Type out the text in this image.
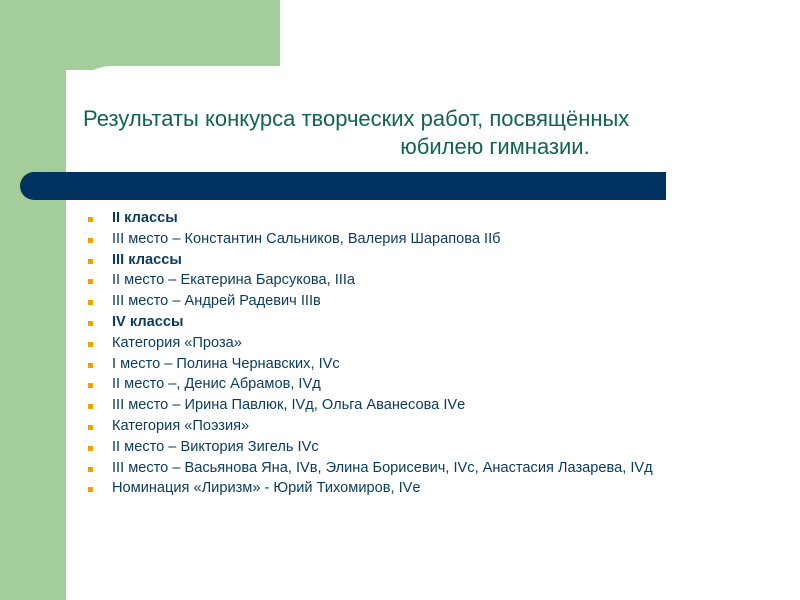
Результаты конкурса творческих работ, посвящённых
юбилею гимназии.
II классы
III место – Константин Сальников, Валерия Шарапова IIб
III классы
II место – Екатерина Барсукова, IIIа
III место – Андрей Радевич IIIв
IV классы
Категория «Проза»
I место – Полина Чернавских, IVс
II место –, Денис Абрамов, IVд
III место – Ирина Павлюк, IVд, Ольга Аванесова IVе
Категория «Поэзия»
II место – Виктория Зигель IVс
III место – Васьянова Яна, IVв, Элина Борисевич, IVс, Анастасия Лазарева, IVд
Номинация «Лиризм» - Юрий Тихомиров, IVе
